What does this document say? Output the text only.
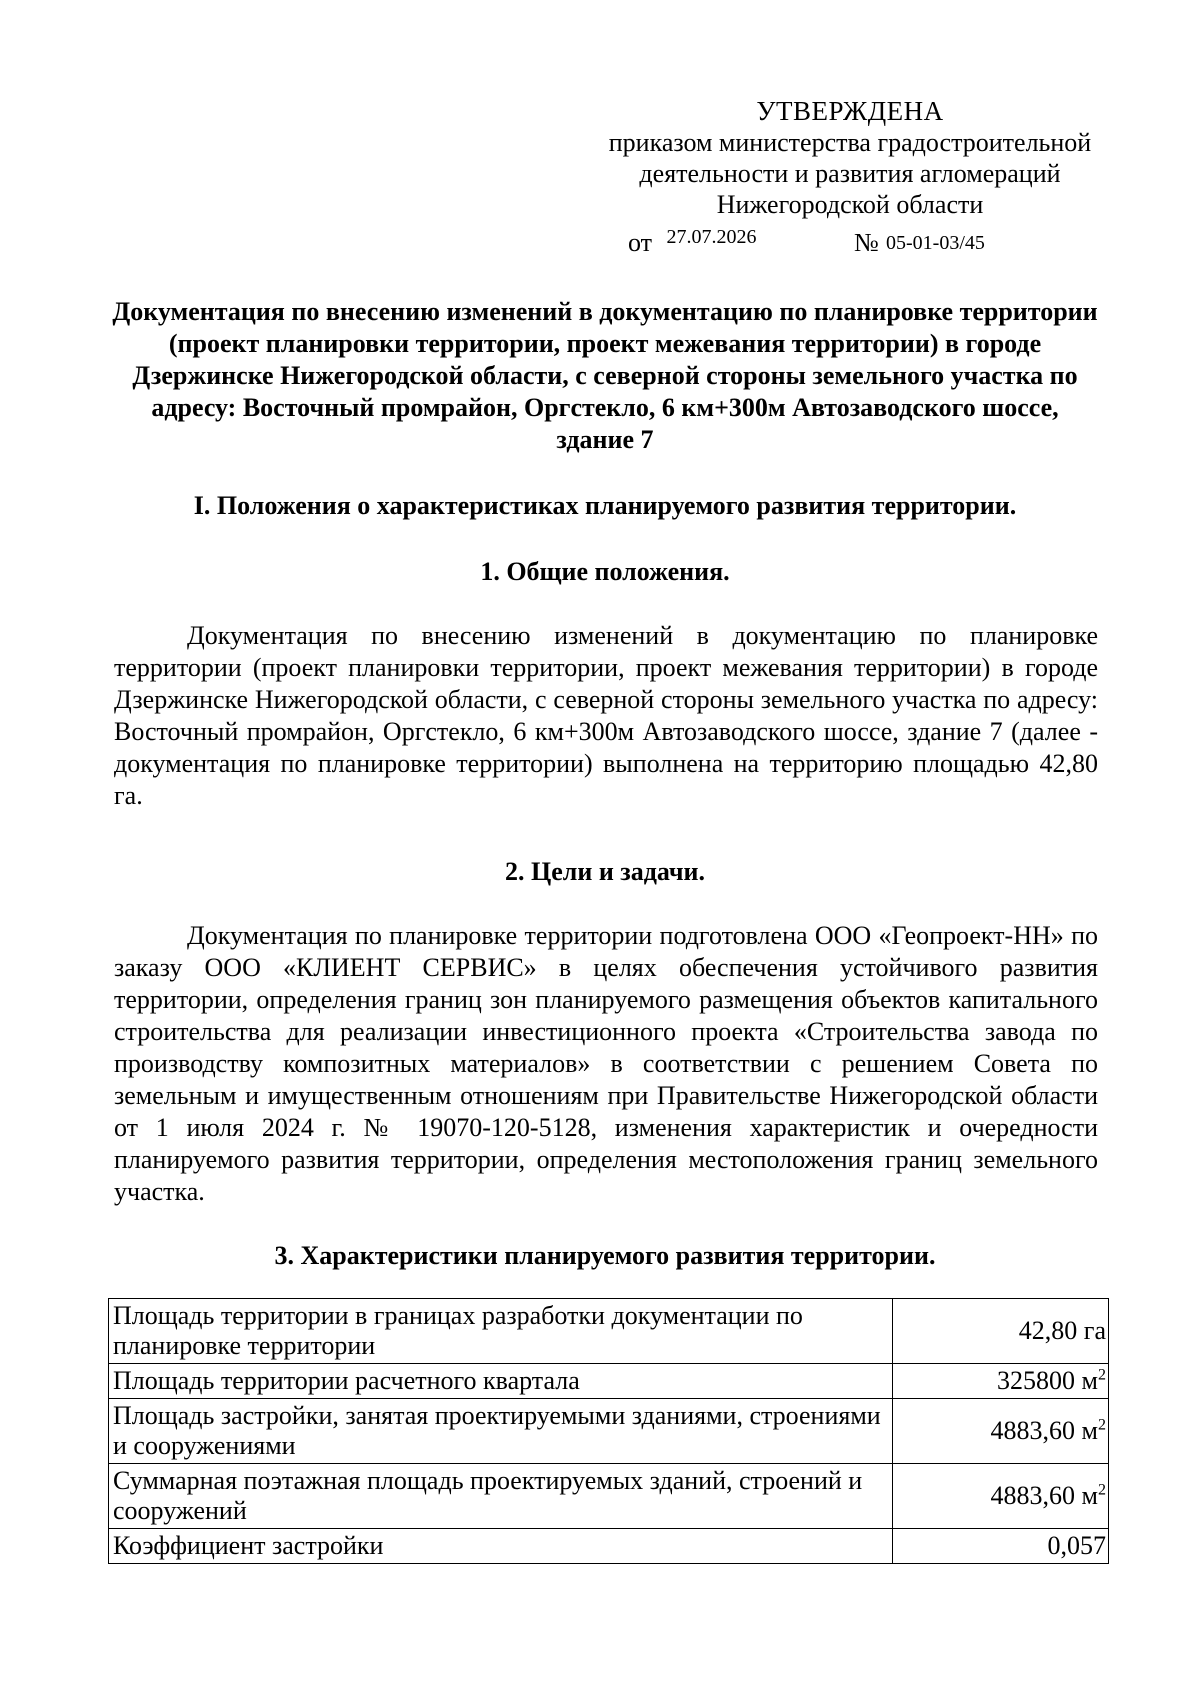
УТВЕРЖДЕНА
приказом министерства градостроительной
деятельности и развития агломераций
Нижегородской области
от $^{27.07.2026}$	№ 05-01-03/45
Документация по внесению изменений в документацию по планировке территории (проект планировки территории, проект межевания территории) в городе Дзержинске Нижегородской области, с северной стороны земельного участка по адресу: Восточный промрайон, Оргстекло, 6 км+300м Автозаводского шоссе, здание 7
I. Положения о характеристиках планируемого развития территории.
1. Общие положения.

Документация по внесению изменений в документацию по планировке территории (проект планировки территории, проект межевания территории) в городе Дзержинске Нижегородской области, с северной стороны земельного участка по адресу: Восточный промрайон, Оргстекло, 6 км+300м Автозаводского шоссе, здание 7 (далее - документация по планировке территории) выполнена на территорию площадью 42,80 га.

2. Цели и задачи.

Документация по планировке территории подготовлена ООО «Геопроект-НН» по заказу ООО «КЛИЕНТ СЕРВИС» в целях обеспечения устойчивого развития территории, определения границ зон планируемого размещения объектов капитального строительства для реализации инвестиционного проекта «Строительства завода по производству композитных материалов» в соответствии с решением Совета по земельным и имущественным отношениям при Правительстве Нижегородской области от 1 июля 2024 г. № 19070-120-5128, изменения характеристик и очередности планируемого развития территории, определения местоположения границ земельного участка.

3. Характеристики планируемого развития территории.
Площадь территории в границах разработки документации по планировке территории	42,80 га
Площадь территории расчетного квартала	325800 $м^2$
Площадь застройки, занятая проектируемыми зданиями, строениями и сооружениями	4883,60 $м^2$
Суммарная поэтажная площадь проектируемых зданий, строений и сооружений	4883,60 $м^2$
Коэффициент застройки	0,057
